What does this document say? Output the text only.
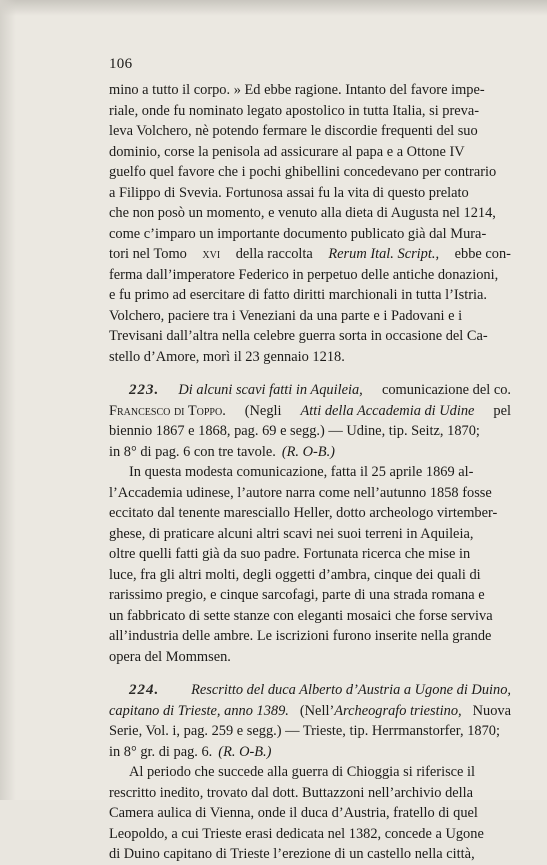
106
mino a tutto il corpo. » Ed ebbe ragione. Intanto del favore impe-
riale, onde fu nominato legato apostolico in tutta Italia, si preva-
leva Volchero, nè potendo fermare le discordie frequenti del suo
dominio, corse la penisola ad assicurare al papa e a Ottone IV
guelfo quel favore che i pochi ghibellini concedevano per contrario
a Filippo di Svevia. Fortunosa assai fu la vita di questo prelato
che non posò un momento, e venuto alla dieta di Augusta nel 1214,
come c’imparo un importante documento publicato già dal Mura-
tori nel Tomo xvi della raccolta Rerum Ital. Script., ebbe con-
ferma dall’imperatore Federico in perpetuo delle antiche donazioni,
e fu primo ad esercitare di fatto diritti marchionali in tutta l’Istria.
Volchero, paciere tra i Veneziani da una parte e i Padovani e i
Trevisani dall’altra nella celebre guerra sorta in occasione del Ca-
stello d’Amore, morì il 23 gennaio 1218.
223. Di alcuni scavi fatti in Aquileia, comunicazione del co.
Francesco di Toppo. (Negli Atti della Accademia di Udine pel
biennio 1867 e 1868, pag. 69 e segg.) — Udine, tip. Seitz, 1870;
in 8° di pag. 6 con tre tavole. (R. O-B.)
In questa modesta comunicazione, fatta il 25 aprile 1869 al-
l’Accademia udinese, l’autore narra come nell’autunno 1858 fosse
eccitato dal tenente maresciallo Heller, dotto archeologo virtember-
ghese, di praticare alcuni altri scavi nei suoi terreni in Aquileia,
oltre quelli fatti già da suo padre. Fortunata ricerca che mise in
luce, fra gli altri molti, degli oggetti d’ambra, cinque dei quali di
rarissimo pregio, e cinque sarcofagi, parte di una strada romana e
un fabbricato di sette stanze con eleganti mosaici che forse serviva
all’industria delle ambre. Le iscrizioni furono inserite nella grande
opera del Mommsen.
224. Rescritto del duca Alberto d’Austria a Ugone di Duino,
capitano di Trieste, anno 1389. (Nell’Archeografo triestino, Nuova
Serie, Vol. i, pag. 259 e segg.) — Trieste, tip. Herrmanstorfer, 1870;
in 8° gr. di pag. 6. (R. O-B.)
Al periodo che succede alla guerra di Chioggia si riferisce il
rescritto inedito, trovato dal dott. Buttazzoni nell’archivio della
Camera aulica di Vienna, onde il duca d’Austria, fratello di quel
Leopoldo, a cui Trieste erasi dedicata nel 1382, concede a Ugone
di Duino capitano di Trieste l’erezione di un castello nella città,
